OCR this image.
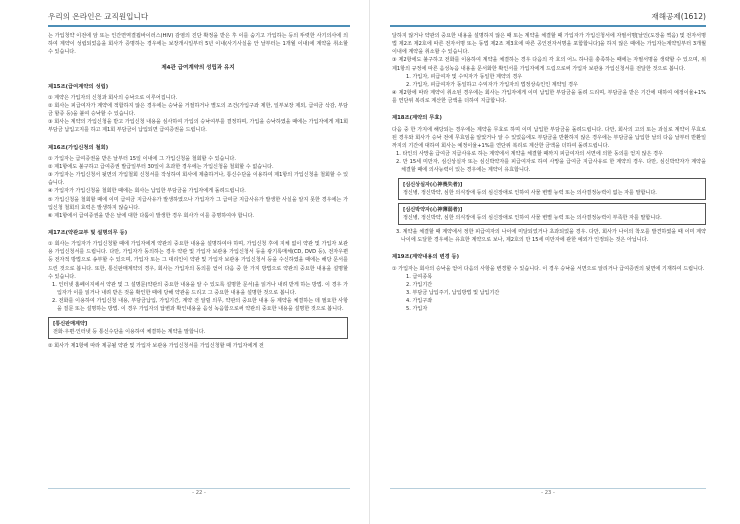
우리의 온라인은 교직원입니다

는 가입청약 이전에 암 또는 인간면역결핍바이러스(HIV) 감염의 진단 확정을 받은 후 이를 숨기고 가입하는 등의 뚜렷한 사기의사에 의하여 계약이 성립되었음을 회사가 증명하는 경우에는 보장개시일부터 5년 이내(사기사실을 안 날부터는 1개월 이내)에 계약을 취소할 수 있습니다.

제4관 급여계약의 성립과 유지
제15조(급여계약의 성립)

① 계약은 가입자의 신청과 회사의 승낙으로 이루어집니다.

② 회사는 피급여자가 계약에 적합하지 않은 경우에는 승낙을 거절하거나 별도의 조건(가입구좌 제한, 일부보장 제외, 급여금 삭감, 부담금 할증 등)을 붙여 승낙할 수 있습니다.

③ 회사는 계약의 가입신청을 받고 가입신청 내용을 심사하여 가입의 승낙여부를 결정하며, 가입을 승낙하였을 때에는 가입자에게 제1회 부담금 납입고지를 하고 제1회 부담금이 납입되면 급여증권을 드립니다.

제16조(가입신청의 철회)

① 가입자는 급여증권을 받은 날부터 15일 이내에 그 가입신청을 철회할 수 있습니다.

② 제1항에도 불구하고 급여증권 발급일부터 30일이 초과한 경우에는 가입신청을 철회할 수 없습니다.

③ 가입자는 가입신청서 뒷면의 가입철회 신청서를 작성하여 회사에 제출하거나, 통신수단을 이용하여 제1항의 가입신청을 철회할 수 있습니다.

④ 가입자가 가입신청을 철회한 때에는 회사는 납입한 부담금을 가입자에게 돌려드립니다.

⑤ 가입신청을 철회할 때에 이미 급여금 지급사유가 발생하였으나 가입자가 그 급여금 지급사유가 발생한 사실을 알지 못한 경우에는 가입신청 철회의 효력은 발생하지 않습니다.

⑥ 제1항에서 급여증권을 받은 날에 대한 다툼이 발생한 경우 회사가 이를 증명하여야 합니다.

제17조(약관교부 및 설명의무 등)

① 회사는 가입자가 가입신청할 때에 가입자에게 약관의 중요한 내용을 설명하여야 하며, 가입신청 후에 지체 없이 약관 및 가입자 보관용 가입신청서를 드립니다. 다만, 가입자가 동의하는 경우 약관 및 가입자 보관용 가입신청서 등을 광기록매체(CD, DVD 등), 전자우편 등 전자적 방법으로 송부할 수 있으며, 가입자 또는 그 대리인이 약관 및 가입자 보관용 가입신청서 등을 수신하였을 때에는 해당 문서를 드린 것으로 봅니다. 또한, 통신판매계약의 경우, 회사는 가입자의 동의를 얻어 다음 중 한 가지 방법으로 약관의 중요한 내용을 설명할 수 있습니다.

1. 인터넷 홈페이지에서 약관 및 그 설명문(약관의 중요한 내용을 알 수 있도록 설명한 문서)을 읽거나 내려 받게 하는 방법. 이 경우 가입자가 이를 읽거나 내려 받은 것을 확인한 때에 당해 약관을 드리고 그 중요한 내용을 설명한 것으로 봅니다.

2. 전화를 이용하여 가입신청 내용, 부담금납입, 가입기간, 계약 전 알릴 의무, 약관의 중요한 내용 등 계약을 체결하는 데 필요한 사항을 질문 또는 설명하는 방법. 이 경우 가입자의 답변과 확인내용을 음성 녹음함으로써 약관의 중요한 내용을 설명한 것으로 봅니다.

[통신판매계약]
전화·우편·인터넷 등 통신수단을 이용하여 체결하는 계약을 말합니다.

② 회사가 제1항에 따라 제공될 약관 및 가입자 보관용 가입신청서를 가입신청할 때 가입자에게 전

- 22 -
재해공제(1612)

달하지 않거나 약관의 중요한 내용을 설명하지 않은 때 또는 계약을 체결할 때 가입자가 가입신청서에 자필서명[날인(도장을 찍음) 및 전자서명법 제2조 제2호에 따른 전자서명 또는 동법 제2조 제3호에 따른 공인전자서명을 포함합니다]을 하지 않은 때에는 가입자는계약일부터 3개월 이내에 계약을 취소할 수 있습니다.

③ 제2항에도 불구하고 전화를 이용하여 계약을 체결하는 경우 다음의 각 호의 어느 하나를 충족하는 때에는 자필서명을 생략할 수 있으며, 위 제1항의 규정에 따른 음성녹음 내용을 문서화한 확인서를 가입자에게 드림으로써 가입자 보관용 가입신청서를 전달한 것으로 봅니다.

1. 가입자, 피급여자 및 수익자가 동일한 계약의 경우

2. 가입자, 피급여자가 동일하고 수익자가 가입자의 법정상속인인 계약일 경우

④ 제2항에 따라 계약이 취소된 경우에는 회사는 가입자에게 이미 납입한 부담금을 돌려 드리며, 부담금을 받은 기간에 대하여 예정이율+1%를 연단위 복리로 계산한 금액을 더하여 지급합니다.

제18조(계약의 무효)

다음 중 한 가지에 해당되는 경우에는 계약을 무효로 하며 이미 납입한 부담금을 돌려드립니다. 다만, 회사의 고의 또는 과실로 계약이 무효로 된 경우와 회사가 승낙 전에 무효임을 알았거나 알 수 있었음에도 부담금을 반환하지 않은 경우에는 부담금을 납입한 날의 다음 날부터 반환일까지의 기간에 대하여 회사는 예정이율+1%를 연단위 복리로 계산한 금액을 더하여 돌려드립니다.

1. 타인의 사망을 급여금 지급사유로 하는 계약에서 계약을 체결할 때까지 피급여자의 서면에 의한 동의를 얻지 않은 경우

2. 만 15세 미만자, 심신상실자 또는 심신박약자를 피급여자로 하여 사망을 급여금 지급사유로 한 계약의 경우. 다만, 심신박약자가 계약을 체결할 때에 의사능력이 있는 경우에는 계약이 유효합니다.

[심신상실자(心神喪失者)]
정신병, 정신박약, 심한 의식장애 등의 심신장애로 인하여 사물 변별 능력 또는 의사결정능력이 없는 자를 말합니다.
[심신박약자(心神薄弱者)]
정신병, 정신박약, 심한 의식장애 등의 심신장애로 인하여 사물 변별 능력 또는 의사결정능력이 부족한 자를 말합니다.

3. 계약을 체결할 때 계약에서 정한 피급여자의 나이에 미달되었거나 초과되었을 경우. 다만, 회사가 나이의 착오를 발견하였을 때 이미 계약나이에 도달한 경우에는 유효한 계약으로 보나, 제2호의 만 15세 미만자에 관한 예외가 인정되는 것은 아닙니다.

제19조(계약내용의 변경 등)

① 가입자는 회사의 승낙을 얻어 다음의 사항을 변경할 수 있습니다. 이 경우 승낙을 서면으로 알리거나 급여증권의 뒷면에 기재하여 드립니다.

1. 급여종목

2. 가입기간

3. 부담금 납입주기, 납입방법 및 납입기간

4. 가입구좌

5. 가입자

- 23 -
